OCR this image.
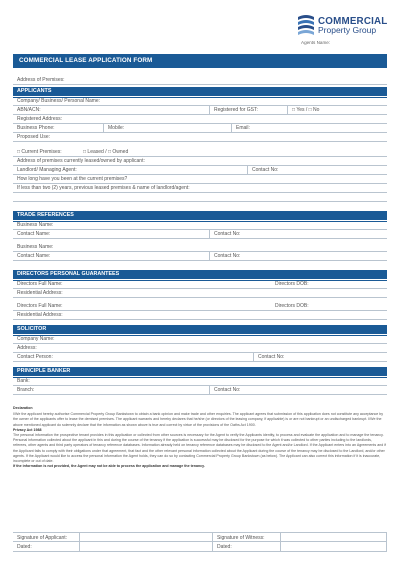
COMMERCIAL
Property Group
Agents Name:
COMMERCIAL LEASE APPLICATION FORM
Address of Premises:
APPLICANTS
Company/ Business/ Personal Name:
ABN/ACN:	Registered for GST:	□ Yes / □ No
Registered Address:
Business Phone:	Mobile:	Email:
Proposed Use:
□ Current Premises:	□ Leased / □ Owned
Address of premises currently leased/owned by applicant:
Landlord/ Managing Agent:	Contact No:
How long have you been at the current premises?
If less than two (2) years, previous leased premises & name of landlord/agent:
TRADE REFERENCES
Business Name:
Contact Name:	Contact No:
Business Name:
Contact Name:	Contact No:
DIRECTORS PERSONAL GUARANTEES
Directors Full Name:	Directors DOB:
Residential Address:
Directors Full Name:	Directors DOB:
Residential Address:
SOLICITOR
Company Name:
Address:
Contact Person:	Contact No:
PRINCIPLE BANKER
Bank:
Branch:	Contact No:
Declaration
I/We the applicant hereby authorise Commercial Property Group Bankstown to obtain a bank opinion and make trade and other enquiries. The applicant agrees that submission of this application does not constitute any acceptance by the owner of the applicants offer to lease the demised premises. The applicant warrants and hereby declares that he/she (or directors of the leasing company, if applicable) is or are not bankrupt or an undischarged bankrupt. I/We the above mentioned applicant do solemnly declare that the information as shown above is true and correct by virtue of the provisions of the Oaths Act 1900.
Privacy Act 1988
The personal information the prospective tenant provides in this application or collected from other sources is necessary for the Agent to verify the Applicants identity, to process and evaluate the application and to manage the tenancy. Personal information collected about the applicant in this and during the course of the tenancy if the application is successful may be disclosed for the purpose for which it was collected to other parties including to the landlords, referees, other agents and third party operators of tenancy reference databases. Information already held on tenancy reference databases may be disclosed to the Agent and/or Landlord. If the Applicant enters into an Agreements and if the Applicant fails to comply with their obligations under that agreement, that fact and the other relevant personal information collected about the Applicant during the course of the tenancy may be disclosed to the Landlord, and/or other agents. If the Applicant would like to access the personal information the Agent holds, they can do so by contacting Commercial Property Group Bankstown (as below). The Applicant can also correct this information if it is inaccurate, incomplete or out of date.
If the information is not provided, the Agent may not be able to process the application and manage the tenancy.
Signature of Applicant:	Signature of Witness:
Dated:	Dated:
